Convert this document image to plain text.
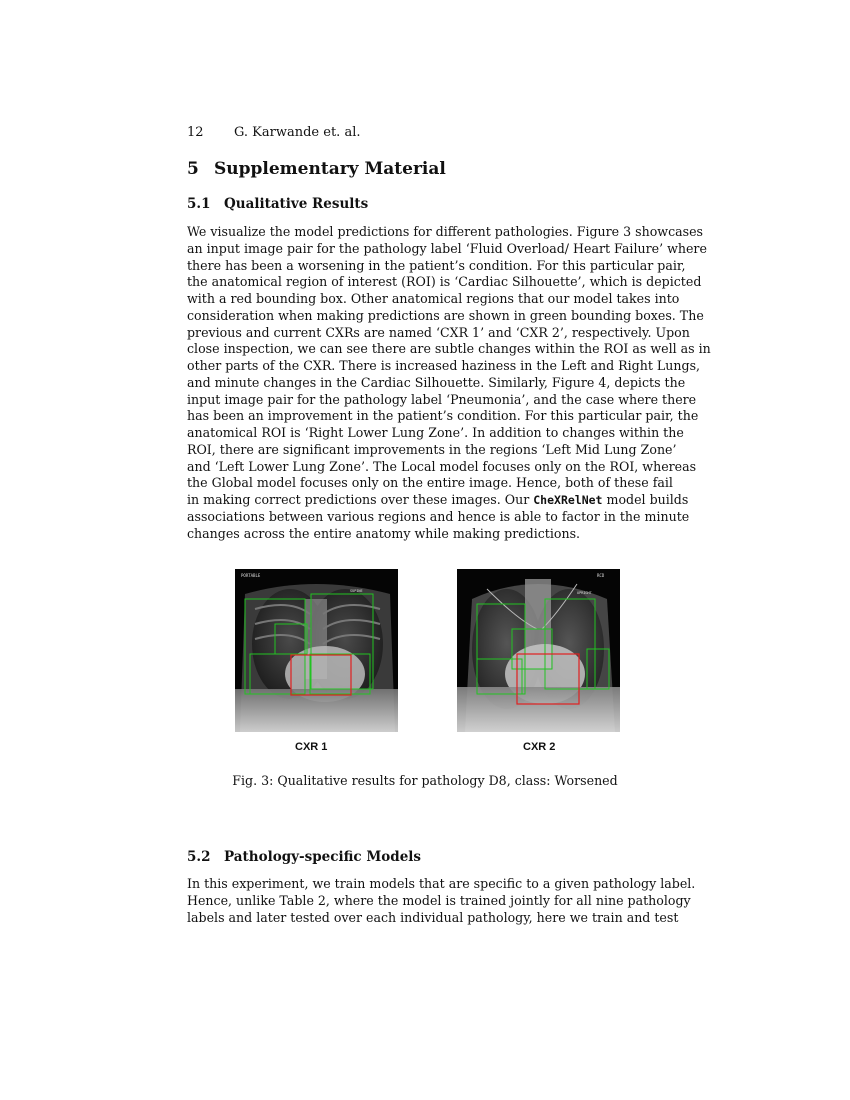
12 G. Karwande et. al.
5 Supplementary Material
5.1 Qualitative Results
We visualize the model predictions for different pathologies. Figure 3 showcases
an input image pair for the pathology label ‘Fluid Overload/ Heart Failure’ where
there has been a worsening in the patient’s condition. For this particular pair,
the anatomical region of interest (ROI) is ‘Cardiac Silhouette’, which is depicted
with a red bounding box. Other anatomical regions that our model takes into
consideration when making predictions are shown in green bounding boxes. The
previous and current CXRs are named ‘CXR 1’ and ‘CXR 2’, respectively. Upon
close inspection, we can see there are subtle changes within the ROI as well as in
other parts of the CXR. There is increased haziness in the Left and Right Lungs,
and minute changes in the Cardiac Silhouette. Similarly, Figure 4, depicts the
input image pair for the pathology label ‘Pneumonia’, and the case where there
has been an improvement in the patient’s condition. For this particular pair, the
anatomical ROI is ‘Right Lower Lung Zone’. In addition to changes within the
ROI, there are significant improvements in the regions ‘Left Mid Lung Zone’
and ‘Left Lower Lung Zone’. The Local model focuses only on the ROI, whereas
the Global model focuses only on the entire image. Hence, both of these fail
in making correct predictions over these images. Our CheXRelNet model builds
associations between various regions and hence is able to factor in the minute
changes across the entire anatomy while making predictions.
PORTABLE
SUPINE
RCD
UPRIGHT
CXR 1	CXR 2
Fig. 3: Qualitative results for pathology D8, class: Worsened
5.2 Pathology-specific Models
In this experiment, we train models that are specific to a given pathology label.
Hence, unlike Table 2, where the model is trained jointly for all nine pathology
labels and later tested over each individual pathology, here we train and test
